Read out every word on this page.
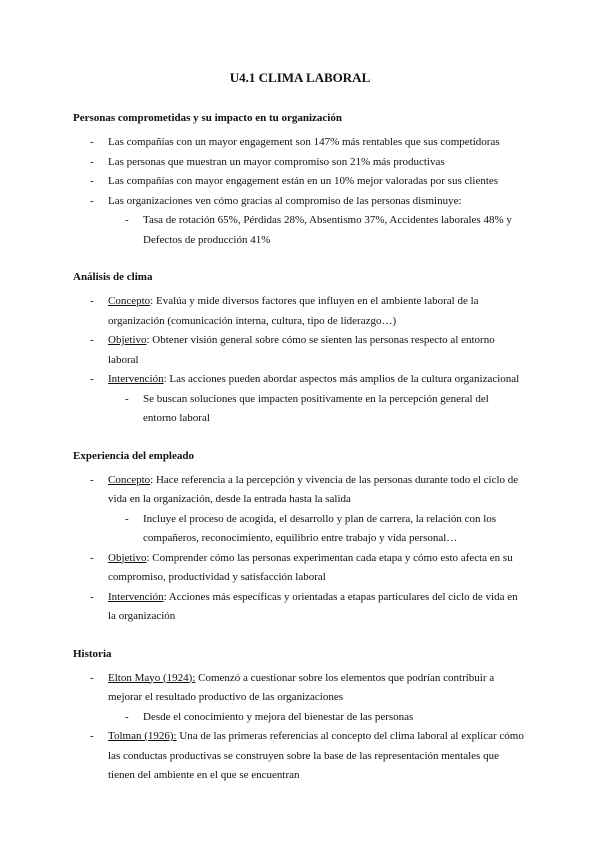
U4.1 CLIMA LABORAL
Personas comprometidas y su impacto en tu organización
- Las compañías con un mayor engagement son 147% más rentables que sus competidoras
- Las personas que muestran un mayor compromiso son 21% más productivas
- Las compañías con mayor engagement están en un 10% mejor valoradas por sus clientes
- Las organizaciones ven cómo gracias al compromiso de las personas disminuye:
- Tasa de rotación 65%, Pérdidas 28%, Absentismo 37%, Accidentes laborales 48% y Defectos de producción 41%
Análisis de clima
- Concepto: Evalúa y mide diversos factores que influyen en el ambiente laboral de la organización (comunicación interna, cultura, tipo de liderazgo…)
- Objetivo: Obtener visión general sobre cómo se sienten las personas respecto al entorno laboral
- Intervención: Las acciones pueden abordar aspectos más amplios de la cultura organizacional
- Se buscan soluciones que impacten positivamente en la percepción general del entorno laboral
Experiencia del empleado
- Concepto: Hace referencia a la percepción y vivencia de las personas durante todo el ciclo de vida en la organización, desde la entrada hasta la salida
- Incluye el proceso de acogida, el desarrollo y plan de carrera, la relación con los compañeros, reconocimiento, equilibrio entre trabajo y vida personal…
- Objetivo: Comprender cómo las personas experimentan cada etapa y cómo esto afecta en su compromiso, productividad y satisfacción laboral
- Intervención: Acciones más específicas y orientadas a etapas particulares del ciclo de vida en la organización
Historia
- Elton Mayo (1924): Comenzó a cuestionar sobre los elementos que podrían contribuir a mejorar el resultado productivo de las organizaciones
- Desde el conocimiento y mejora del bienestar de las personas
- Tolman (1926): Una de las primeras referencias al concepto del clima laboral al explicar cómo las conductas productivas se construyen sobre la base de las representación mentales que tienen del ambiente en el que se encuentran
